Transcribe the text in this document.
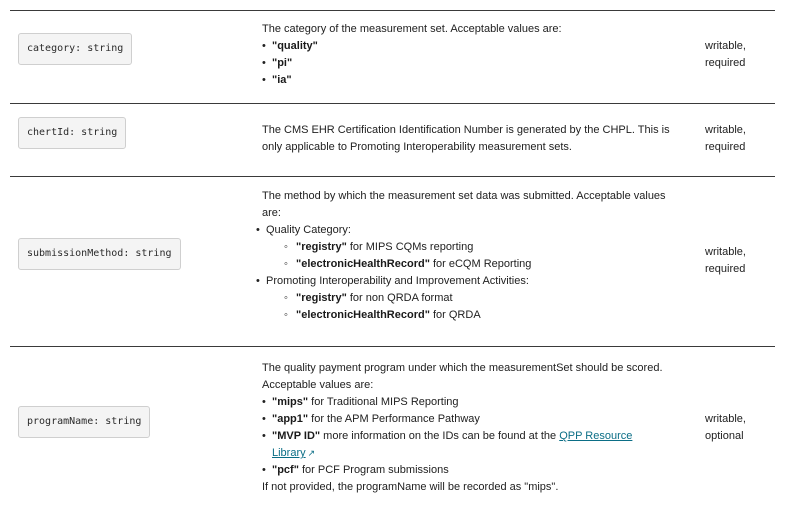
category: string

The category of the measurement set. Acceptable values are:

• "quality"
• "pi"
• "ia"
writable,
required
chertId: string	The CMS EHR Certification Identification Number is generated by the CHPL. This is only applicable to Promoting Interoperability measurement sets.

writable,
required
submissionMethod: string

The method by which the measurement set data was submitted. Acceptable values are:

• Quality Category:
◦ "registry" for MIPS CQMs reporting
◦ "electronicHealthRecord" for eCQM Reporting
• Promoting Interoperability and Improvement Activities:
◦ "registry" for non QRDA format
◦ "electronicHealthRecord" for QRDA
writable,
required
programName: string

The quality payment program under which the measurementSet should be scored. Acceptable values are:

• "mips" for Traditional MIPS Reporting
• "app1" for the APM Performance Pathway
• "MVP ID" more information on the IDs can be found at the QPP Resource Library ↗
• "pcf" for PCF Program submissions

If not provided, the programName will be recorded as "mips".

writable,
optional
